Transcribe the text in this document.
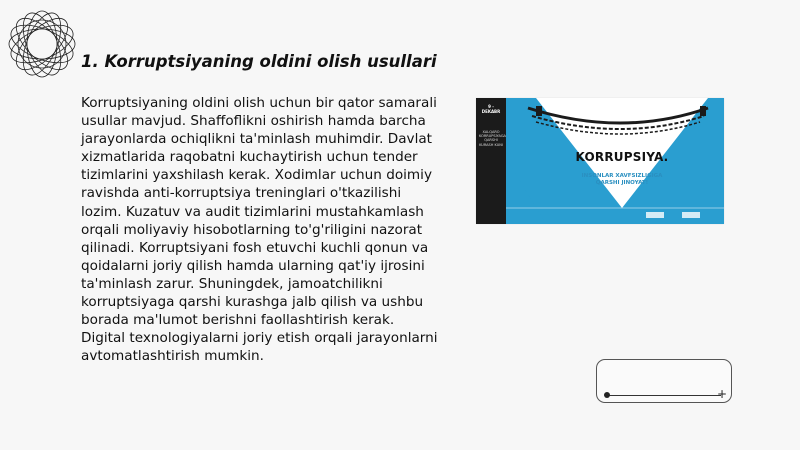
1. Korruptsiyaning oldini olish usullari
Korruptsiyaning oldini olish uchun bir qator samarali usullar mavjud. Shaffoflikni oshirish hamda barcha jarayonlarda ochiqlikni ta'minlash muhimdir. Davlat xizmatlarida raqobatni kuchaytirish uchun tender tizimlarini yaxshilash kerak. Xodimlar uchun doimiy ravishda anti-korruptsiya treninglari o'tkazilishi lozim. Kuzatuv va audit tizimlarini mustahkamlash orqali moliyaviy hisobotlarning to'g'riligini nazorat qilinadi. Korruptsiyani fosh etuvchi kuchli qonun va qoidalarni joriy qilish hamda ularning qat'iy ijrosini ta'minlash zarur. Shuningdek, jamoatchilikni korruptsiyaga qarshi kurashga jalb qilish va ushbu borada ma'lumot berishni faollashtirish kerak. Digital texnologiyalarni joriy etish orqali jarayonlarni avtomatlashtirish mumkin.
9 - DEKABR
XALQARO KORRUPSIYAGA QARSHI KURASH KUNI
KORRUPSIYA.
INSONLAR XAVFSIZLIGIGA QARSHI JINOYAT!
+
